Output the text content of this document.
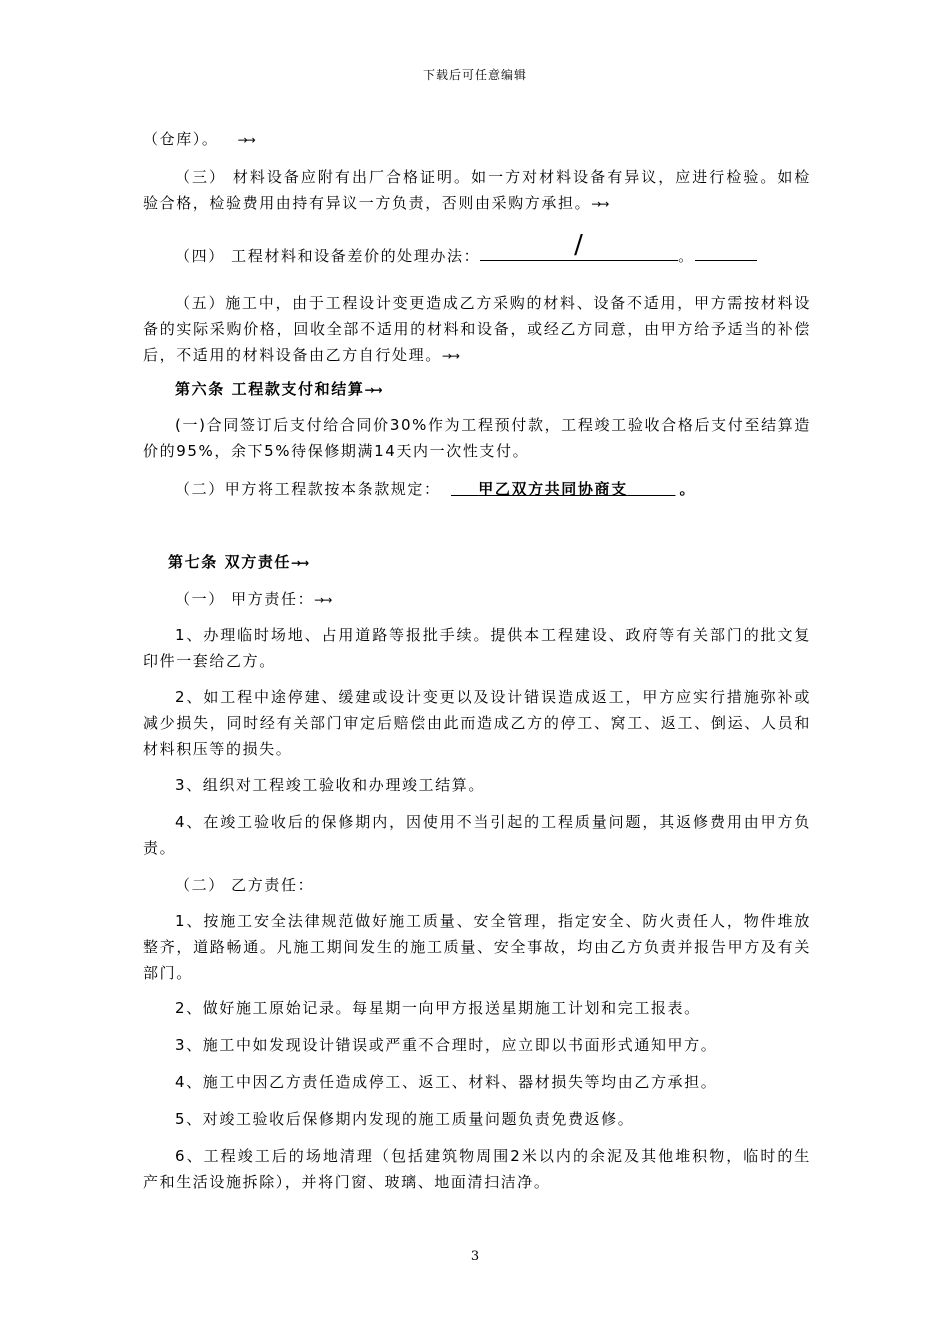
下载后可任意编辑

（仓库）。 →→

（三） 材料设备应附有出厂合格证明。如一方对材料设备有异议，应进行检验。如检验合格，检验费用由持有异议一方负责，否则由采购方承担。→→

（四） 工程材料和设备差价的处理办法：	/	。

（五）施工中，由于工程设计变更造成乙方采购的材料、设备不适用，甲方需按材料设备的实际采购价格，回收全部不适用的材料和设备，或经乙方同意，由甲方给予适当的补偿后，不适用的材料设备由乙方自行处理。→→

第六条 工程款支付和结算→→

(一)合同签订后支付给合同价30%作为工程预付款，工程竣工验收合格后支付至结算造价的95%，余下5%待保修期满14天内一次性支付。

（二）甲方将工程款按本条款规定：	甲乙双方共同协商支	。

第七条 双方责任→→

（一） 甲方责任：→→

1、办理临时场地、占用道路等报批手续。提供本工程建设、政府等有关部门的批文复印件一套给乙方。

2、如工程中途停建、缓建或设计变更以及设计错误造成返工，甲方应实行措施弥补或减少损失，同时经有关部门审定后赔偿由此而造成乙方的停工、窝工、返工、倒运、人员和材料积压等的损失。

3、组织对工程竣工验收和办理竣工结算。

4、在竣工验收后的保修期内，因使用不当引起的工程质量问题，其返修费用由甲方负责。

（二） 乙方责任：

1、按施工安全法律规范做好施工质量、安全管理，指定安全、防火责任人，物件堆放整齐，道路畅通。凡施工期间发生的施工质量、安全事故，均由乙方负责并报告甲方及有关部门。

2、做好施工原始记录。每星期一向甲方报送星期施工计划和完工报表。

3、施工中如发现设计错误或严重不合理时，应立即以书面形式通知甲方。

4、施工中因乙方责任造成停工、返工、材料、器材损失等均由乙方承担。

5、对竣工验收后保修期内发现的施工质量问题负责免费返修。

6、工程竣工后的场地清理（包括建筑物周围2米以内的余泥及其他堆积物，临时的生产和生活设施拆除），并将门窗、玻璃、地面清扫洁净。

3
